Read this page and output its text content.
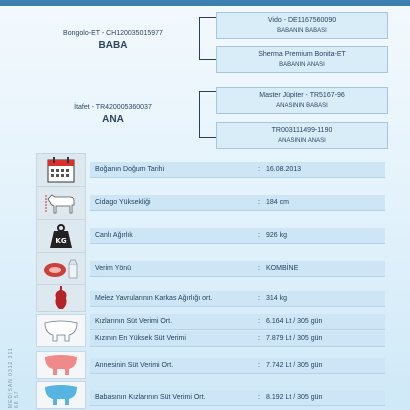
Bongolo-ET - CH120035015977
BABA
İtafet - TR420005360037
ANA
Vido - DE1167560090
BABANIN BABASI
Sherma Premium Bonita-ET
BABANIN ANASI
Master Jüpiter - TR5167-96
ANASININ BABASI
TR003111499-1190
ANASININ ANASI
Boğanın Doğum Tarihi	: 16.08.2013
Cidago Yüksekliği	: 184 cm
KG
Canlı Ağırlık	: 926 kg
Verim Yönü	: KOMBİNE
Melez Yavrularının Karkas Ağırlığı ort.	: 314 kg
Kızlarının Süt Verimi Ort.	: 6.164 Lt / 305 gün
Kızının En Yüksek Süt Verimi	: 7.879 Lt / 305 gün
Annesinin Süt Verimi Ort.	: 7.742 Lt / 305 gün
Babasının Kızlarının Süt Verimi Ort.	: 8.192 Lt / 305 gün
MEDİSAN 0312 311 68 57
